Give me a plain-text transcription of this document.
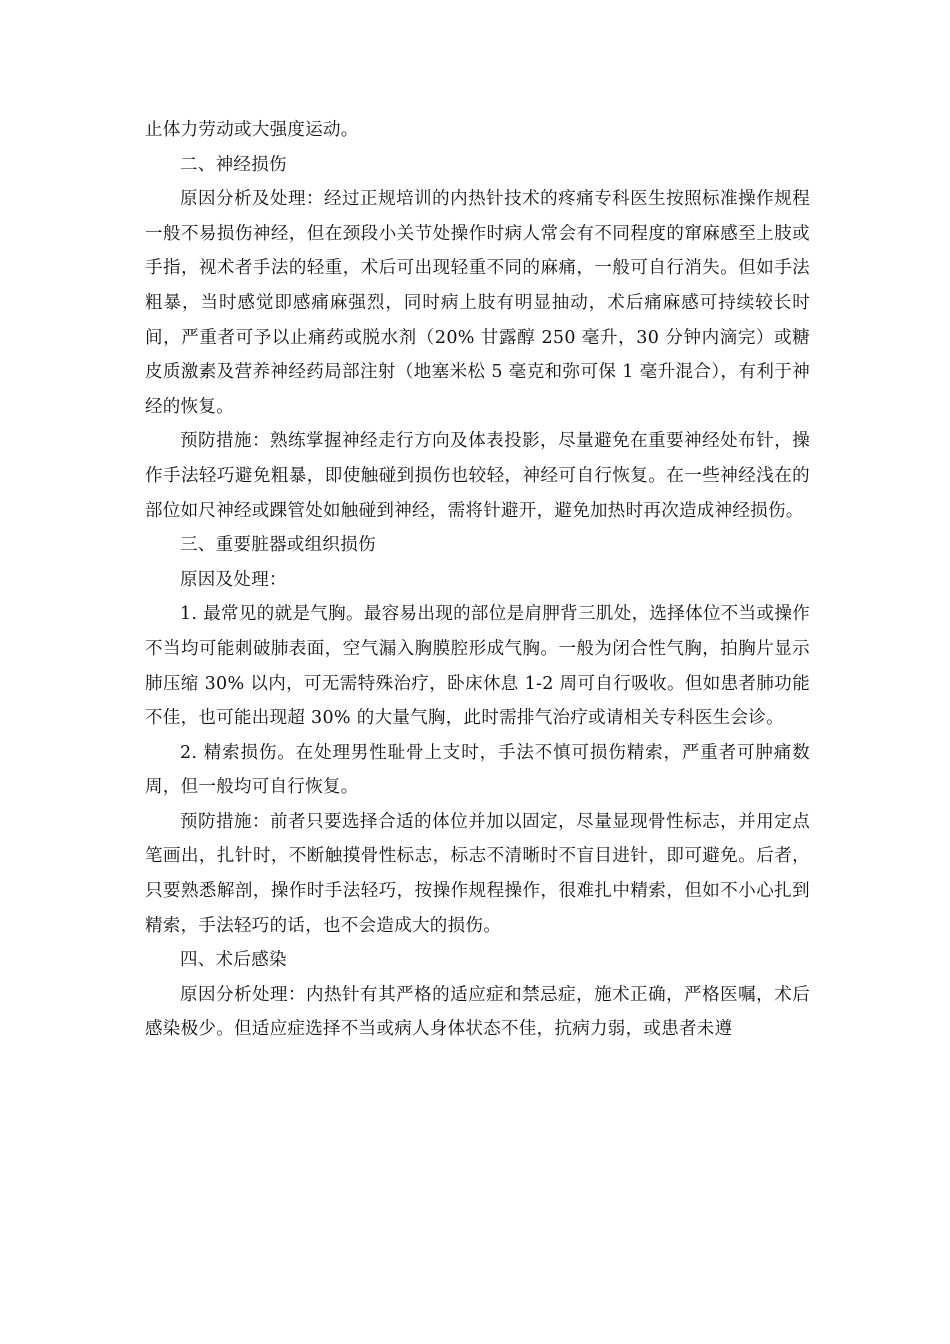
止体力劳动或大强度运动。

二、神经损伤

原因分析及处理：经过正规培训的内热针技术的疼痛专科医生按照标准操作规程一般不易损伤神经，但在颈段小关节处操作时病人常会有不同程度的窜麻感至上肢或手指，视术者手法的轻重，术后可出现轻重不同的麻痛，一般可自行消失。但如手法粗暴，当时感觉即感痛麻强烈，同时病上肢有明显抽动，术后痛麻感可持续较长时间，严重者可予以止痛药或脱水剂（20% 甘露醇 250 毫升，30 分钟内滴完）或糖皮质激素及营养神经药局部注射（地塞米松 5 毫克和弥可保 1 毫升混合），有利于神经的恢复。

预防措施：熟练掌握神经走行方向及体表投影，尽量避免在重要神经处布针，操作手法轻巧避免粗暴，即使触碰到损伤也较轻，神经可自行恢复。在一些神经浅在的部位如尺神经或踝管处如触碰到神经，需将针避开，避免加热时再次造成神经损伤。

三、重要脏器或组织损伤

原因及处理：

1. 最常见的就是气胸。最容易出现的部位是肩胛背三肌处，选择体位不当或操作不当均可能刺破肺表面，空气漏入胸膜腔形成气胸。一般为闭合性气胸，拍胸片显示肺压缩 30% 以内，可无需特殊治疗，卧床休息 1-2 周可自行吸收。但如患者肺功能不佳，也可能出现超 30% 的大量气胸，此时需排气治疗或请相关专科医生会诊。

2. 精索损伤。在处理男性耻骨上支时，手法不慎可损伤精索，严重者可肿痛数周，但一般均可自行恢复。

预防措施：前者只要选择合适的体位并加以固定，尽量显现骨性标志，并用定点笔画出，扎针时，不断触摸骨性标志，标志不清晰时不盲目进针，即可避免。后者，只要熟悉解剖，操作时手法轻巧，按操作规程操作，很难扎中精索，但如不小心扎到精索，手法轻巧的话，也不会造成大的损伤。

四、术后感染

原因分析处理：内热针有其严格的适应症和禁忌症，施术正确，严格医嘱，术后感染极少。但适应症选择不当或病人身体状态不佳，抗病力弱，或患者未遵
